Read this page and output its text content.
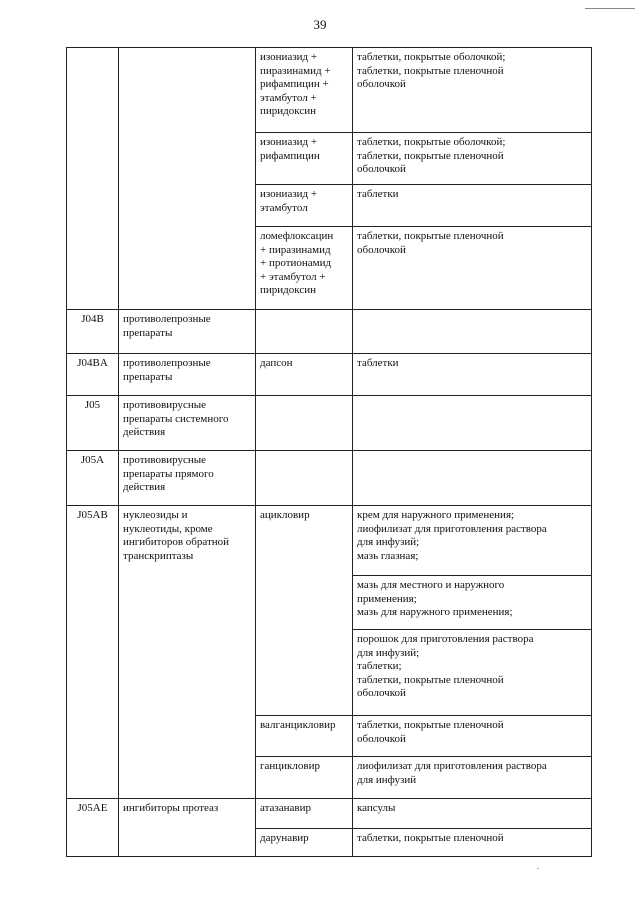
39
		изониазид +
пиразинамид +
рифампицин +
этамбутол +
пиридоксин	таблетки, покрытые оболочкой;
таблетки, покрытые пленочной
оболочкой
		изониазид +
рифампицин	таблетки, покрытые оболочкой;
таблетки, покрытые пленочной
оболочкой
		изониазид +
этамбутол	таблетки
		ломефлоксацин
+ пиразинамид
+ протионамид
+ этамбутол +
пиридоксин	таблетки, покрытые пленочной
оболочкой
J04B	противолепрозные
препараты		
J04BA	противолепрозные
препараты	дапсон	таблетки
J05	противовирусные
препараты системного
действия		
J05A	противовирусные
препараты прямого
действия		
J05AB	нуклеозиды и
нуклеотиды, кроме
ингибиторов обратной
транскриптазы	ацикловир	крем для наружного применения;
лиофилизат для приготовления раствора
для инфузий;
мазь глазная;
			мазь для местного и наружного
применения;
мазь для наружного применения;
			порошок для приготовления раствора
для инфузий;
таблетки;
таблетки, покрытые пленочной
оболочкой
		валганцикловир	таблетки, покрытые пленочной
оболочкой
		ганцикловир	лиофилизат для приготовления раствора
для инфузий
J05AE	ингибиторы протеаз	атазанавир	капсулы
		дарунавир	таблетки, покрытые пленочной
